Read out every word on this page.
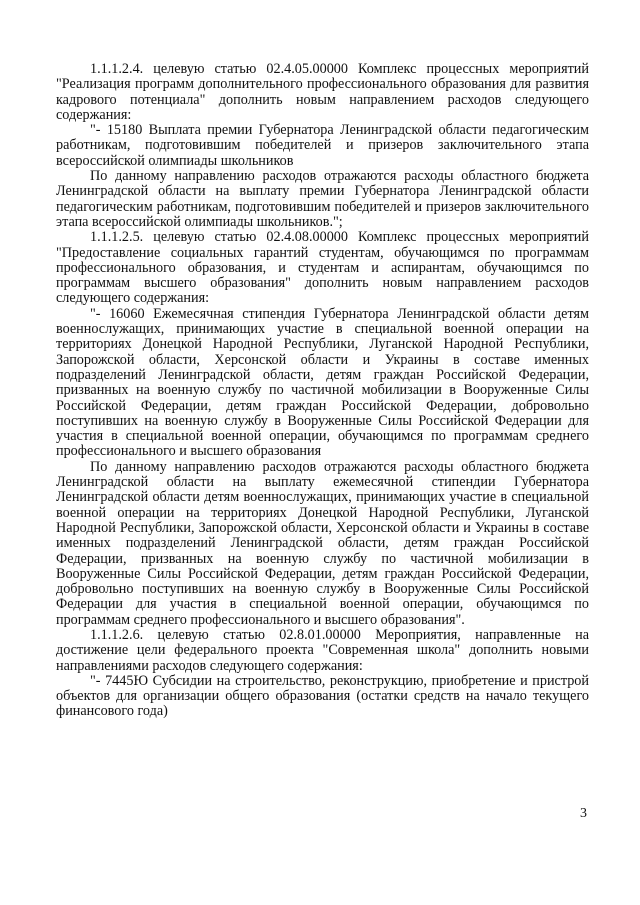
1.1.1.2.4. целевую статью 02.4.05.00000 Комплекс процессных мероприятий "Реализация программ дополнительного профессионального образования для развития кадрового потенциала" дополнить новым направлением расходов следующего содержания:

"- 15180 Выплата премии Губернатора Ленинградской области педагогическим работникам, подготовившим победителей и призеров заключительного этапа всероссийской олимпиады школьников

По данному направлению расходов отражаются расходы областного бюджета Ленинградской области на выплату премии Губернатора Ленинградской области педагогическим работникам, подготовившим победителей и призеров заключительного этапа всероссийской олимпиады школьников.";

1.1.1.2.5. целевую статью 02.4.08.00000 Комплекс процессных мероприятий "Предоставление социальных гарантий студентам, обучающимся по программам профессионального образования, и студентам и аспирантам, обучающимся по программам высшего образования" дополнить новым направлением расходов следующего содержания:

"- 16060 Ежемесячная стипендия Губернатора Ленинградской области детям военнослужащих, принимающих участие в специальной военной операции на территориях Донецкой Народной Республики, Луганской Народной Республики, Запорожской области, Херсонской области и Украины в составе именных подразделений Ленинградской области, детям граждан Российской Федерации, призванных на военную службу по частичной мобилизации в Вооруженные Силы Российской Федерации, детям граждан Российской Федерации, добровольно поступивших на военную службу в Вооруженные Силы Российской Федерации для участия в специальной военной операции, обучающимся по программам среднего профессионального и высшего образования

По данному направлению расходов отражаются расходы областного бюджета Ленинградской области на выплату ежемесячной стипендии Губернатора Ленинградской области детям военнослужащих, принимающих участие в специальной военной операции на территориях Донецкой Народной Республики, Луганской Народной Республики, Запорожской области, Херсонской области и Украины в составе именных подразделений Ленинградской области, детям граждан Российской Федерации, призванных на военную службу по частичной мобилизации в Вооруженные Силы Российской Федерации, детям граждан Российской Федерации, добровольно поступивших на военную службу в Вооруженные Силы Российской Федерации для участия в специальной военной операции, обучающимся по программам среднего профессионального и высшего образования".

1.1.1.2.6. целевую статью 02.8.01.00000 Мероприятия, направленные на достижение цели федерального проекта "Современная школа" дополнить новыми направлениями расходов следующего содержания:

"- 7445Ю Субсидии на строительство, реконструкцию, приобретение и пристрой объектов для организации общего образования (остатки средств на начало текущего финансового года)

3
